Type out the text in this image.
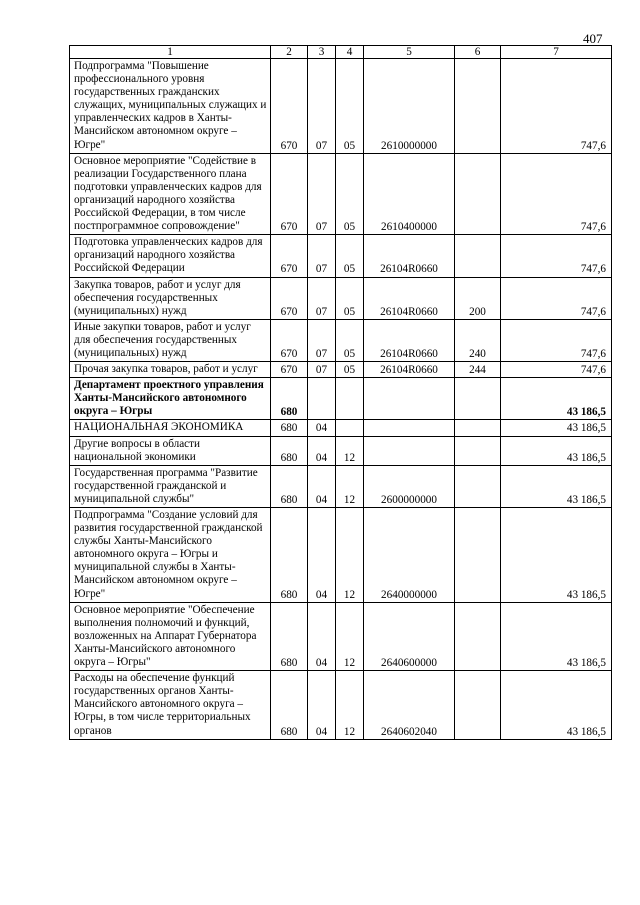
407
1	2	3	4	5	6	7
Подпрограмма "Повышение профессионального уровня государственных гражданских служащих, муниципальных служащих и управленческих кадров в Ханты-Мансийском автономном округе – Югре"	670	07	05	2610000000		747,6
Основное мероприятие "Содействие в реализации Государственного плана подготовки управленческих кадров для организаций народного хозяйства Российской Федерации, в том числе постпрограммное сопровождение"	670	07	05	2610400000		747,6
Подготовка управленческих кадров для организаций народного хозяйства Российской Федерации	670	07	05	26104R0660		747,6
Закупка товаров, работ и услуг для обеспечения государственных (муниципальных) нужд	670	07	05	26104R0660	200	747,6
Иные закупки товаров, работ и услуг для обеспечения государственных (муниципальных) нужд	670	07	05	26104R0660	240	747,6
Прочая закупка товаров, работ и услуг	670	07	05	26104R0660	244	747,6
Департамент проектного управления Ханты-Мансийского автономного округа – Югры	680					43 186,5
НАЦИОНАЛЬНАЯ ЭКОНОМИКА	680	04				43 186,5
Другие вопросы в области национальной экономики	680	04	12			43 186,5
Государственная программа "Развитие государственной гражданской и муниципальной службы"	680	04	12	2600000000		43 186,5
Подпрограмма "Создание условий для развития государственной гражданской службы Ханты-Мансийского автономного округа – Югры и муниципальной службы в Ханты-Мансийском автономном округе – Югре"	680	04	12	2640000000		43 186,5
Основное мероприятие "Обеспечение выполнения полномочий и функций, возложенных на Аппарат Губернатора Ханты-Мансийского автономного округа – Югры"	680	04	12	2640600000		43 186,5
Расходы на обеспечение функций государственных органов Ханты-Мансийского автономного округа – Югры, в том числе территориальных органов	680	04	12	2640602040		43 186,5
